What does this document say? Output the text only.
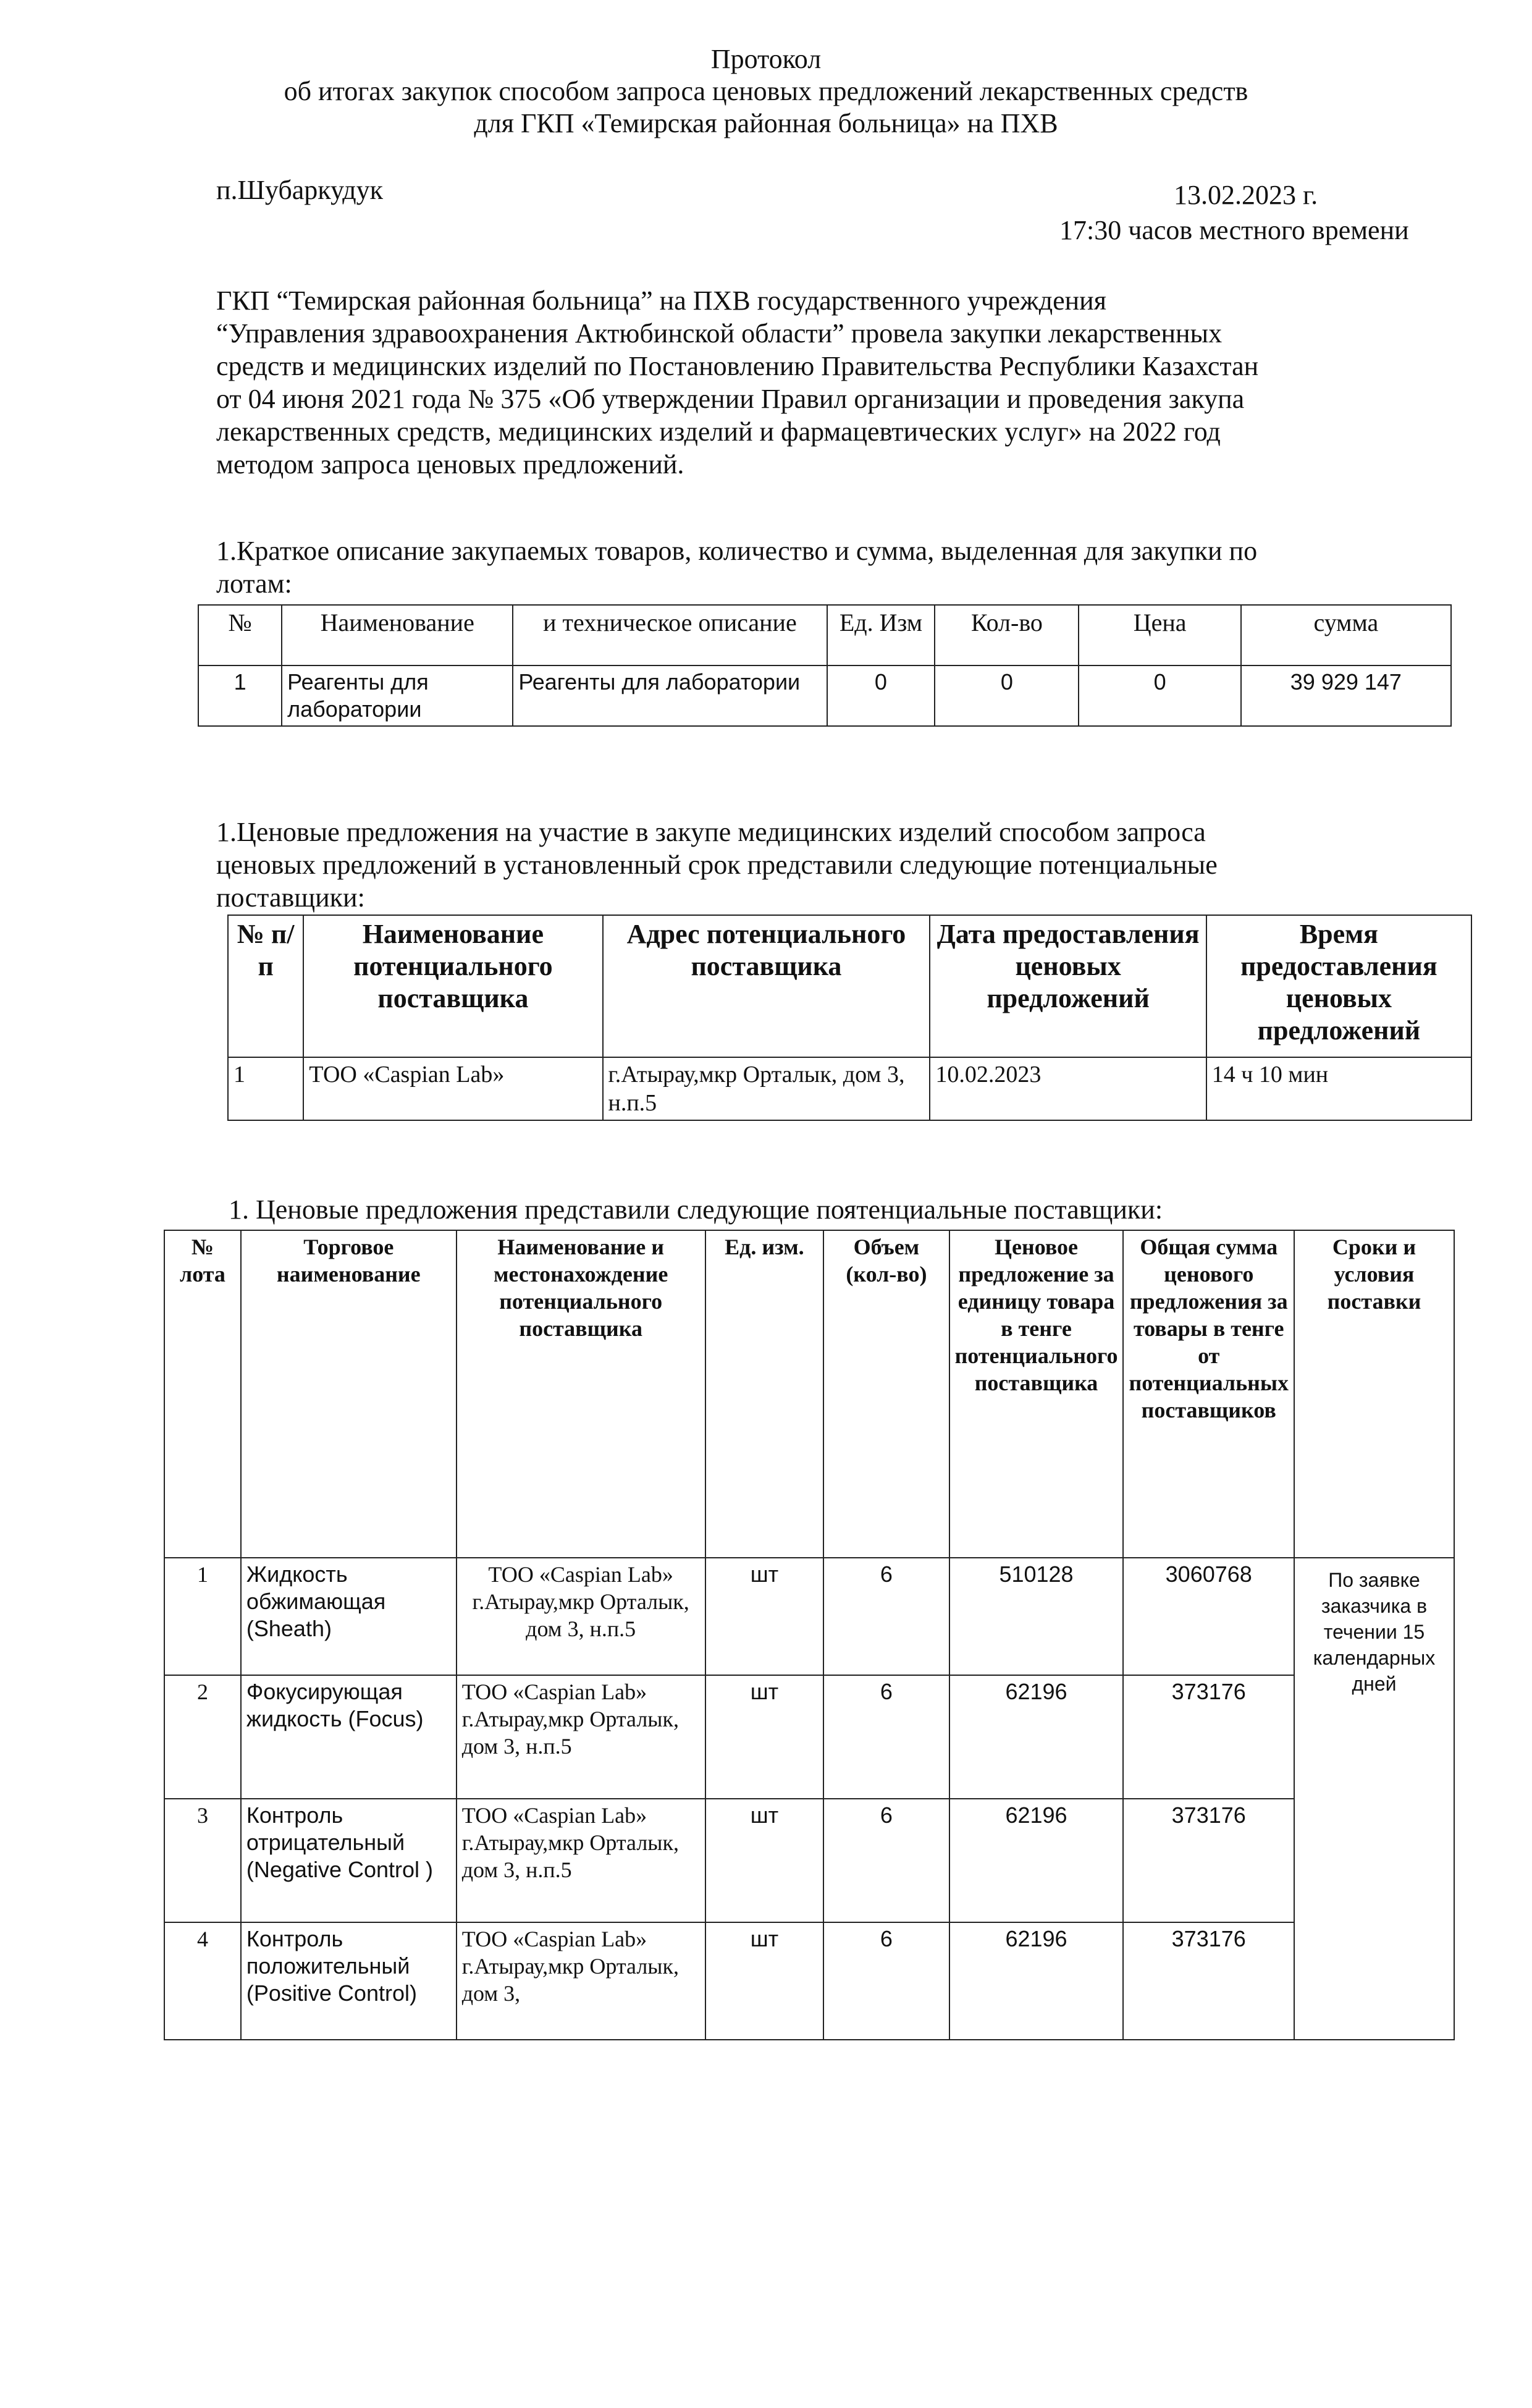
Протокол
об итогах закупок способом запроса ценовых предложений лекарственных средств
для ГКП «Темирская районная больница» на ПХВ
п.Шубаркудук	13.02.2023 г.
17:30 часов местного времени
ГКП “Темирская районная больница” на ПХВ государственного учреждения
“Управления здравоохранения Актюбинской области” провела закупки лекарственных
средств и медицинских изделий по Постановлению Правительства Республики Казахстан
от 04 июня 2021 года № 375 «Об утверждении Правил организации и проведения закупа
лекарственных средств, медицинских изделий и фармацевтических услуг» на 2022 год
методом запроса ценовых предложений.
1.Краткое описание закупаемых товаров, количество и сумма, выделенная для закупки по
лотам:
№	Наименование	и техническое описание	Ед. Изм	Кол-во	Цена	сумма
1	Реагенты для лаборатории	Реагенты для лаборатории	0	0	0	39 929 147
1.Ценовые предложения на участие в закупе медицинских изделий способом запроса
ценовых предложений в установленный срок представили следующие потенциальные
поставщики:
№ п/п	Наименование потенциального поставщика	Адрес потенциального поставщика	Дата предоставления ценовых предложений	Время предоставления ценовых предложений
1	ТОО «Caspian Lab»	г.Атырау,мкр Орталык, дом 3, н.п.5	10.02.2023	14 ч 10 мин
1. Ценовые предложения представили следующие поятенциальные поставщики:
№ лота	Торговое наименование	Наименование и местонахождение потенциального поставщика	Ед. изм.	Объем (кол-во)	Ценовое предложение за единицу товара в тенге потенциального поставщика	Общая сумма ценового предложения за товары в тенге от потенциальных поставщиков	Сроки и условия поставки
1	Жидкость обжимающая (Sheath)	ТОО «Caspian Lab» г.Атырау,мкр Орталык, дом 3, н.п.5	шт	6	510128	3060768	По заявке заказчика в течении 15 календарных дней
2	Фокусирующая жидкость (Focus)	ТОО «Caspian Lab» г.Атырау,мкр Орталык, дом 3, н.п.5	шт	6	62196	373176	
3	Контроль отрицательный (Negative Control )	ТОО «Caspian Lab» г.Атырау,мкр Орталык, дом 3, н.п.5	шт	6	62196	373176	
4	Контроль положительный (Positive Control)	ТОО «Caspian Lab» г.Атырау,мкр Орталык, дом 3,	шт	6	62196	373176	
